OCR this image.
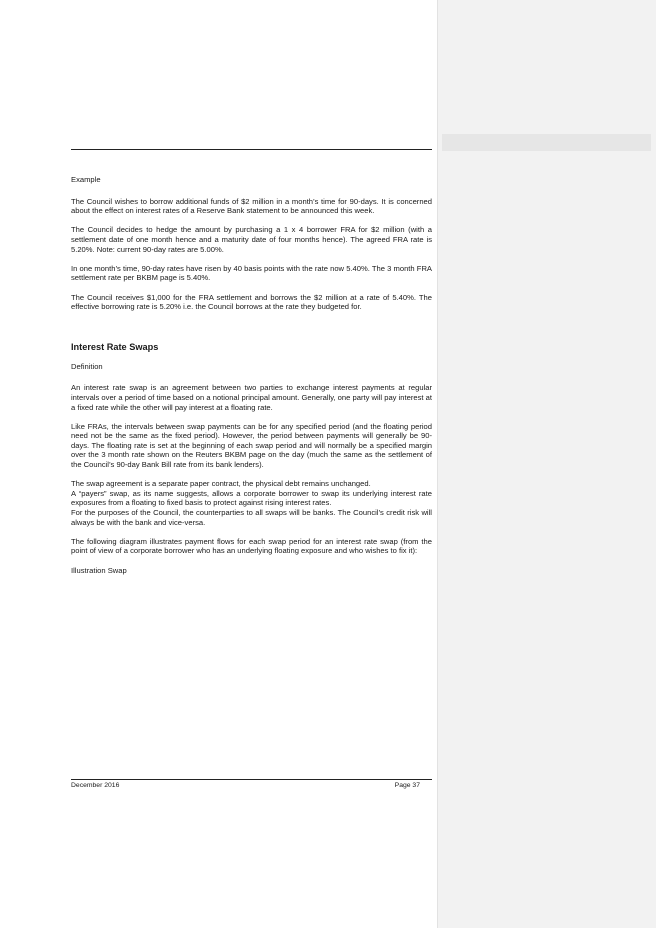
Example

The Council wishes to borrow additional funds of $2 million in a month’s time for 90-days. It is concerned about the effect on interest rates of a Reserve Bank statement to be announced this week.

The Council decides to hedge the amount by purchasing a 1 x 4 borrower FRA for $2 million (with a settlement date of one month hence and a maturity date of four months hence). The agreed FRA rate is 5.20%. Note: current 90-day rates are 5.00%.

In one month’s time, 90-day rates have risen by 40 basis points with the rate now 5.40%. The 3 month FRA settlement rate per BKBM page is 5.40%.

The Council receives $1,000 for the FRA settlement and borrows the $2 million at a rate of 5.40%. The effective borrowing rate is 5.20% i.e. the Council borrows at the rate they budgeted for.

Interest Rate Swaps

Definition

An interest rate swap is an agreement between two parties to exchange interest payments at regular intervals over a period of time based on a notional principal amount. Generally, one party will pay interest at a fixed rate while the other will pay interest at a floating rate.

Like FRAs, the intervals between swap payments can be for any specified period (and the floating period need not be the same as the fixed period). However, the period between payments will generally be 90-days. The floating rate is set at the beginning of each swap period and will normally be a specified margin over the 3 month rate shown on the Reuters BKBM page on the day (much the same as the settlement of the Council’s 90-day Bank Bill rate from its bank lenders).

The swap agreement is a separate paper contract, the physical debt remains unchanged.

A “payers” swap, as its name suggests, allows a corporate borrower to swap its underlying interest rate exposures from a floating to fixed basis to protect against rising interest rates.

For the purposes of the Council, the counterparties to all swaps will be banks. The Council’s credit risk will always be with the bank and vice-versa.

The following diagram illustrates payment flows for each swap period for an interest rate swap (from the point of view of a corporate borrower who has an underlying floating exposure and who wishes to fix it):

Illustration Swap

December 2016	Page 37
